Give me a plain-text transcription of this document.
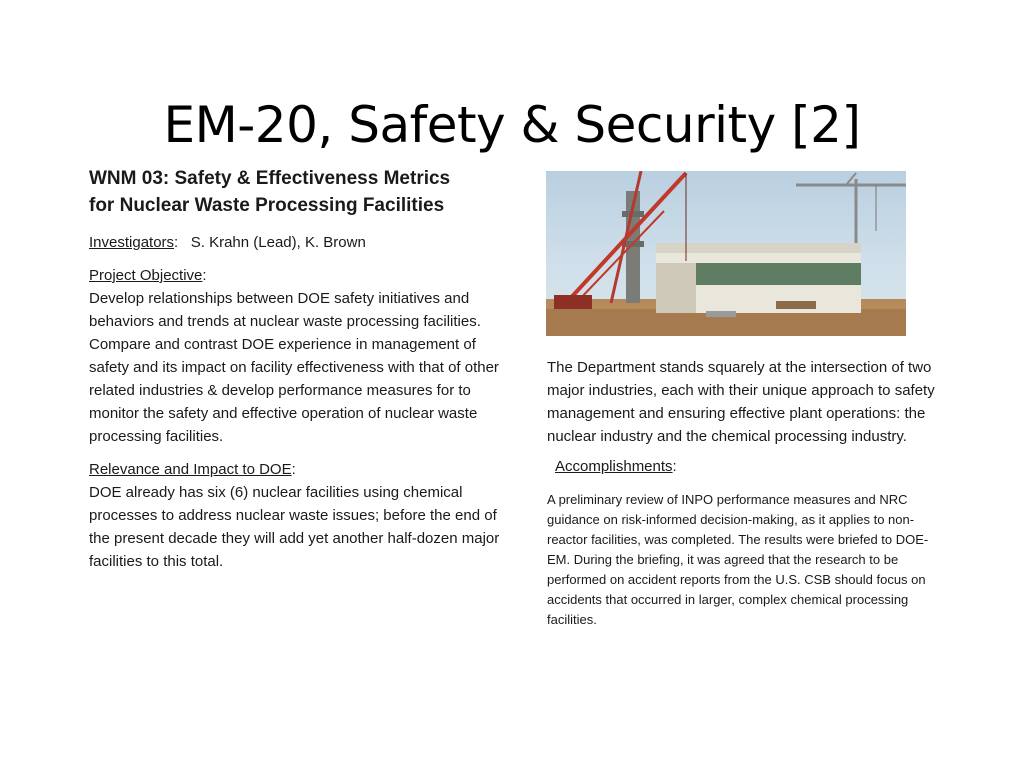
EM-20, Safety & Security [2]

WNM 03: Safety & Effectiveness Metrics
for Nuclear Waste Processing Facilities

Investigators: S. Krahn (Lead), K. Brown
Project Objective:
Develop relationships between DOE safety initiatives and behaviors and trends at nuclear waste processing facilities. Compare and contrast DOE experience in management of safety and its impact on facility effectiveness with that of other related industries & develop performance measures for to monitor the safety and effective operation of nuclear waste processing facilities.
Relevance and Impact to DOE:
DOE already has six (6) nuclear facilities using chemical processes to address nuclear waste issues; before the end of the present decade they will add yet another half-dozen major facilities to this total.

The Department stands squarely at the intersection of two major industries, each with their unique approach to safety management and ensuring effective plant operations: the nuclear industry and the chemical processing industry.

Accomplishments:

A preliminary review of INPO performance measures and NRC guidance on risk-informed decision-making, as it applies to non-reactor facilities, was completed. The results were briefed to DOE-EM. During the briefing, it was agreed that the research to be performed on accident reports from the U.S. CSB should focus on accidents that occurred in larger, complex chemical processing facilities.
